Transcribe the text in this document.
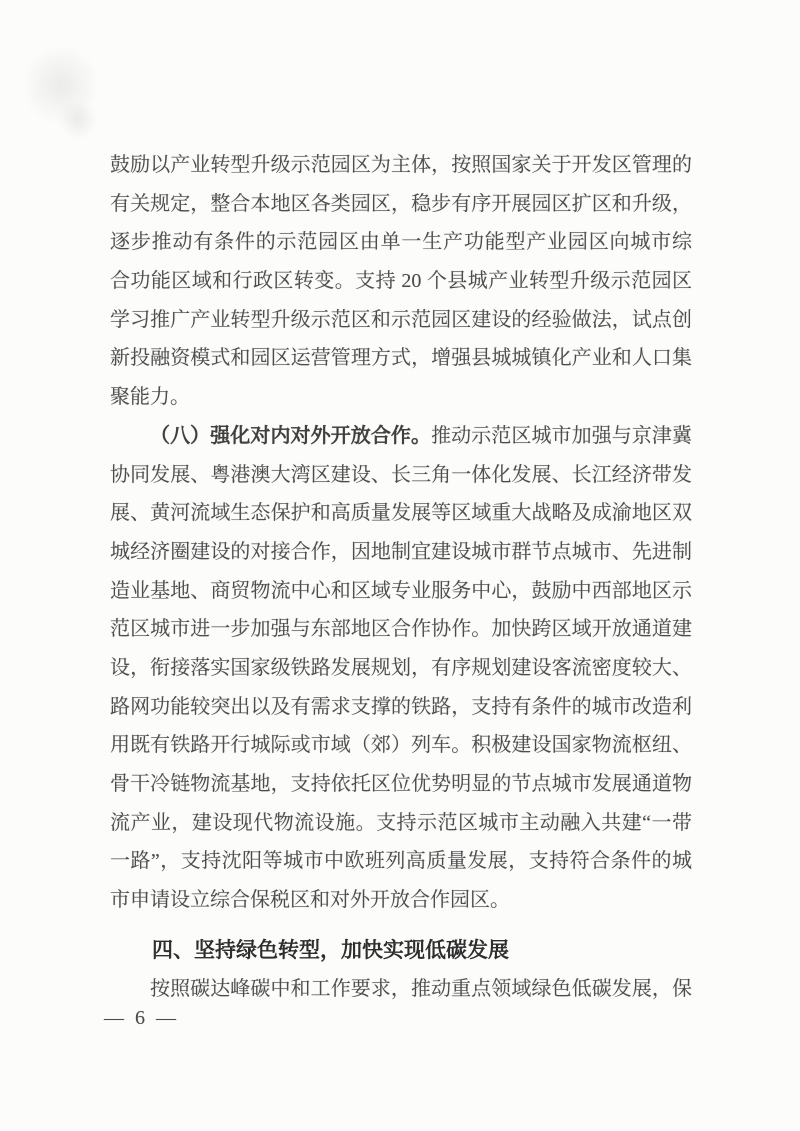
鼓励以产业转型升级示范园区为主体，按照国家关于开发区管理的
有关规定，整合本地区各类园区，稳步有序开展园区扩区和升级，
逐步推动有条件的示范园区由单一生产功能型产业园区向城市综
合功能区域和行政区转变。支持 20 个县城产业转型升级示范园区
学习推广产业转型升级示范区和示范园区建设的经验做法，试点创
新投融资模式和园区运营管理方式，增强县城城镇化产业和人口集
聚能力。
（八）强化对内对外开放合作。推动示范区城市加强与京津冀
协同发展、粤港澳大湾区建设、长三角一体化发展、长江经济带发
展、黄河流域生态保护和高质量发展等区域重大战略及成渝地区双
城经济圈建设的对接合作，因地制宜建设城市群节点城市、先进制
造业基地、商贸物流中心和区域专业服务中心，鼓励中西部地区示
范区城市进一步加强与东部地区合作协作。加快跨区域开放通道建
设，衔接落实国家级铁路发展规划，有序规划建设客流密度较大、
路网功能较突出以及有需求支撑的铁路，支持有条件的城市改造利
用既有铁路开行城际或市域（郊）列车。积极建设国家物流枢纽、
骨干冷链物流基地，支持依托区位优势明显的节点城市发展通道物
流产业，建设现代物流设施。支持示范区城市主动融入共建“一带
一路”，支持沈阳等城市中欧班列高质量发展，支持符合条件的城
市申请设立综合保税区和对外开放合作园区。
四、坚持绿色转型，加快实现低碳发展
按照碳达峰碳中和工作要求，推动重点领域绿色低碳发展，保
— 6 —
